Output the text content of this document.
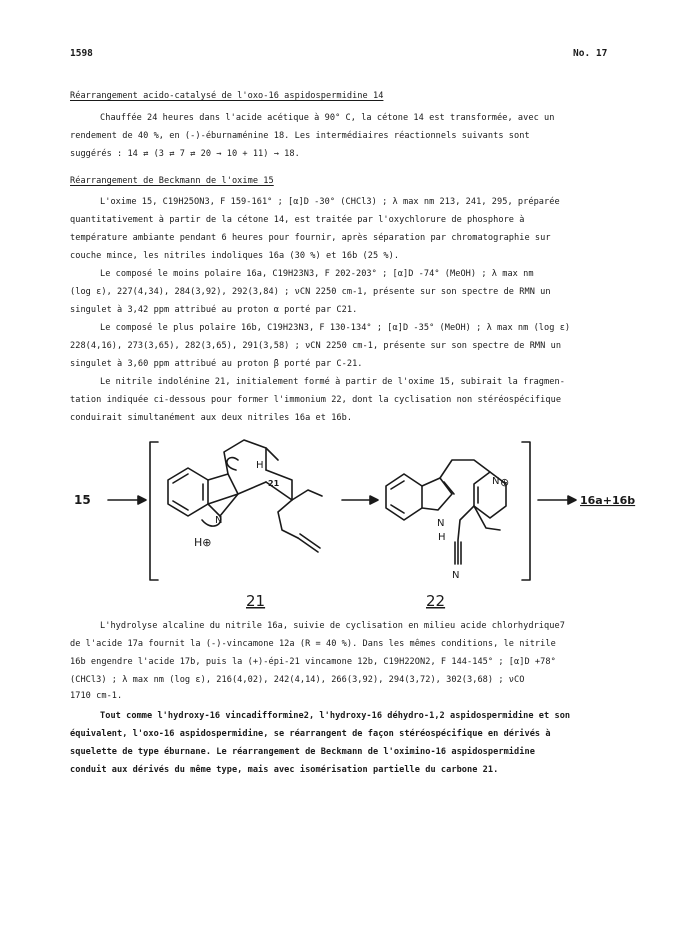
1598	No. 17
Réarrangement acido-catalysé de l'oxo-16 aspidospermidine 14
Chauffée 24 heures dans l'acide acétique à 90° C, la cétone 14 est transformée, avec un
rendement de 40 %, en (-)-éburnaménine 18. Les intermédiaires réactionnels suivants sont
suggérés : 14 ⇄ (3 ⇄ 7 ⇄ 20 → 10 + 11) → 18.
Réarrangement de Beckmann de l'oxime 15
L'oxime 15, C19H25ON3, F 159-161° ; [α]D -30° (CHCl3) ; λ max nm 213, 241, 295, préparée
quantitativement à partir de la cétone 14, est traitée par l'oxychlorure de phosphore à
température ambiante pendant 6 heures pour fournir, après séparation par chromatographie sur
couche mince, les nitriles indoliques 16a (30 %) et 16b (25 %).
Le composé le moins polaire 16a, C19H23N3, F 202-203° ; [α]D -74° (MeOH) ; λ max nm
(log ε), 227(4,34), 284(3,92), 292(3,84) ; νCN 2250 cm-1, présente sur son spectre de RMN un
singulet à 3,42 ppm attribué au proton α porté par C21.
Le composé le plus polaire 16b, C19H23N3, F 130-134° ; [α]D -35° (MeOH) ; λ max nm (log ε)
228(4,16), 273(3,65), 282(3,65), 291(3,58) ; νCN 2250 cm-1, présente sur son spectre de RMN un
singulet à 3,60 ppm attribué au proton β porté par C-21.
Le nitrile indolénine 21, initialement formé à partir de l'oxime 15, subirait la fragmen-
tation indiquée ci-dessous pour former l'immonium 22, dont la cyclisation non stéréospécifique
conduirait simultanément aux deux nitriles 16a et 16b.
15	16a+16b
H
21
N
H⊕
N
H
N ⊕
N
21	22
L'hydrolyse alcaline du nitrile 16a, suivie de cyclisation en milieu acide chlorhydrique7
de l'acide 17a fournit la (-)-vincamone 12a (R = 40 %). Dans les mêmes conditions, le nitrile
16b engendre l'acide 17b, puis la (+)-épi-21 vincamone 12b, C19H22ON2, F 144-145° ; [α]D +78°
(CHCl3) ; λ max nm (log ε), 216(4,02), 242(4,14), 266(3,92), 294(3,72), 302(3,68) ; νCO
1710 cm-1.
Tout comme l'hydroxy-16 vincadifformine2, l'hydroxy-16 déhydro-1,2 aspidospermidine et son
équivalent, l'oxo-16 aspidospermidine, se réarrangent de façon stéréospécifique en dérivés à
squelette de type éburnane. Le réarrangement de Beckmann de l'oximino-16 aspidospermidine
conduit aux dérivés du même type, mais avec isomérisation partielle du carbone 21.
